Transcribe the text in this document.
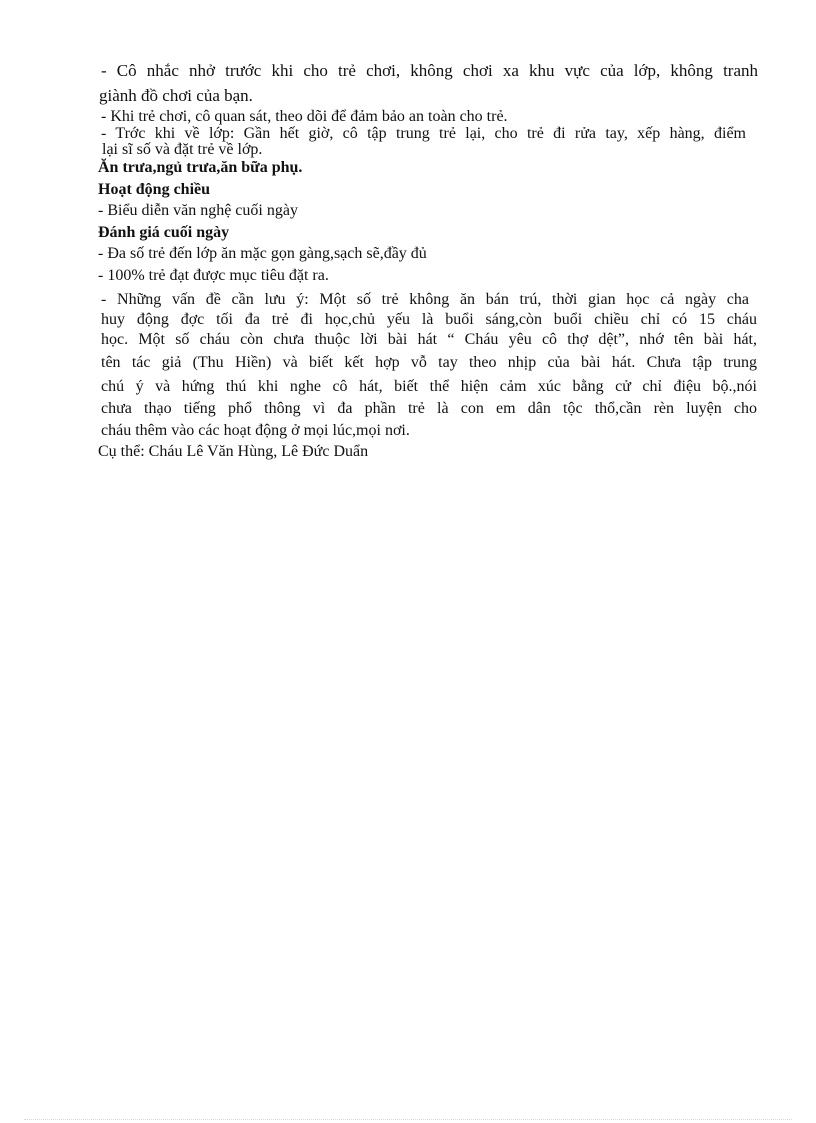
- Cô nhắc nhở trước khi cho trẻ chơi, không chơi xa khu vực của lớp, không tranh
giành đồ chơi của bạn.
- Khi trẻ chơi, cô quan sát, theo dõi để đảm bảo an toàn cho trẻ.
- Trớc khi về lớp: Gần hết giờ, cô tập trung trẻ lại, cho trẻ đi rửa tay, xếp hàng, điểm
lại sĩ số và đặt trẻ về lớp.
Ăn trưa,ngủ trưa,ăn bữa phụ.
Hoạt động chiều
- Biểu diễn văn nghệ cuối ngày
Đánh giá cuối ngày
- Đa số trẻ đến lớp ăn mặc gọn gàng,sạch sẽ,đầy đủ
- 100% trẻ đạt được mục tiêu đặt ra.
- Những vấn đề cần lưu ý: Một số trẻ không ăn bán trú, thời gian học cả ngày cha
huy động đợc tối đa trẻ đi học,chủ yếu là buổi sáng,còn buổi chiều chỉ có 15 cháu
học. Một số cháu còn chưa thuộc lời bài hát “ Cháu yêu cô thợ dệt”, nhớ tên bài hát,
tên tác giả (Thu Hiền) và biết kết hợp vỗ tay theo nhịp của bài hát. Chưa tập trung
chú ý và hứng thú khi nghe cô hát, biết thể hiện cảm xúc bằng cử chỉ điệu bộ.,nói
chưa thạo tiếng phổ thông vì đa phần trẻ là con em dân tộc thổ,cần rèn luyện cho
cháu thêm vào các hoạt động ở mọi lúc,mọi nơi.
Cụ thể: Cháu Lê Văn Hùng, Lê Đức Duẩn
